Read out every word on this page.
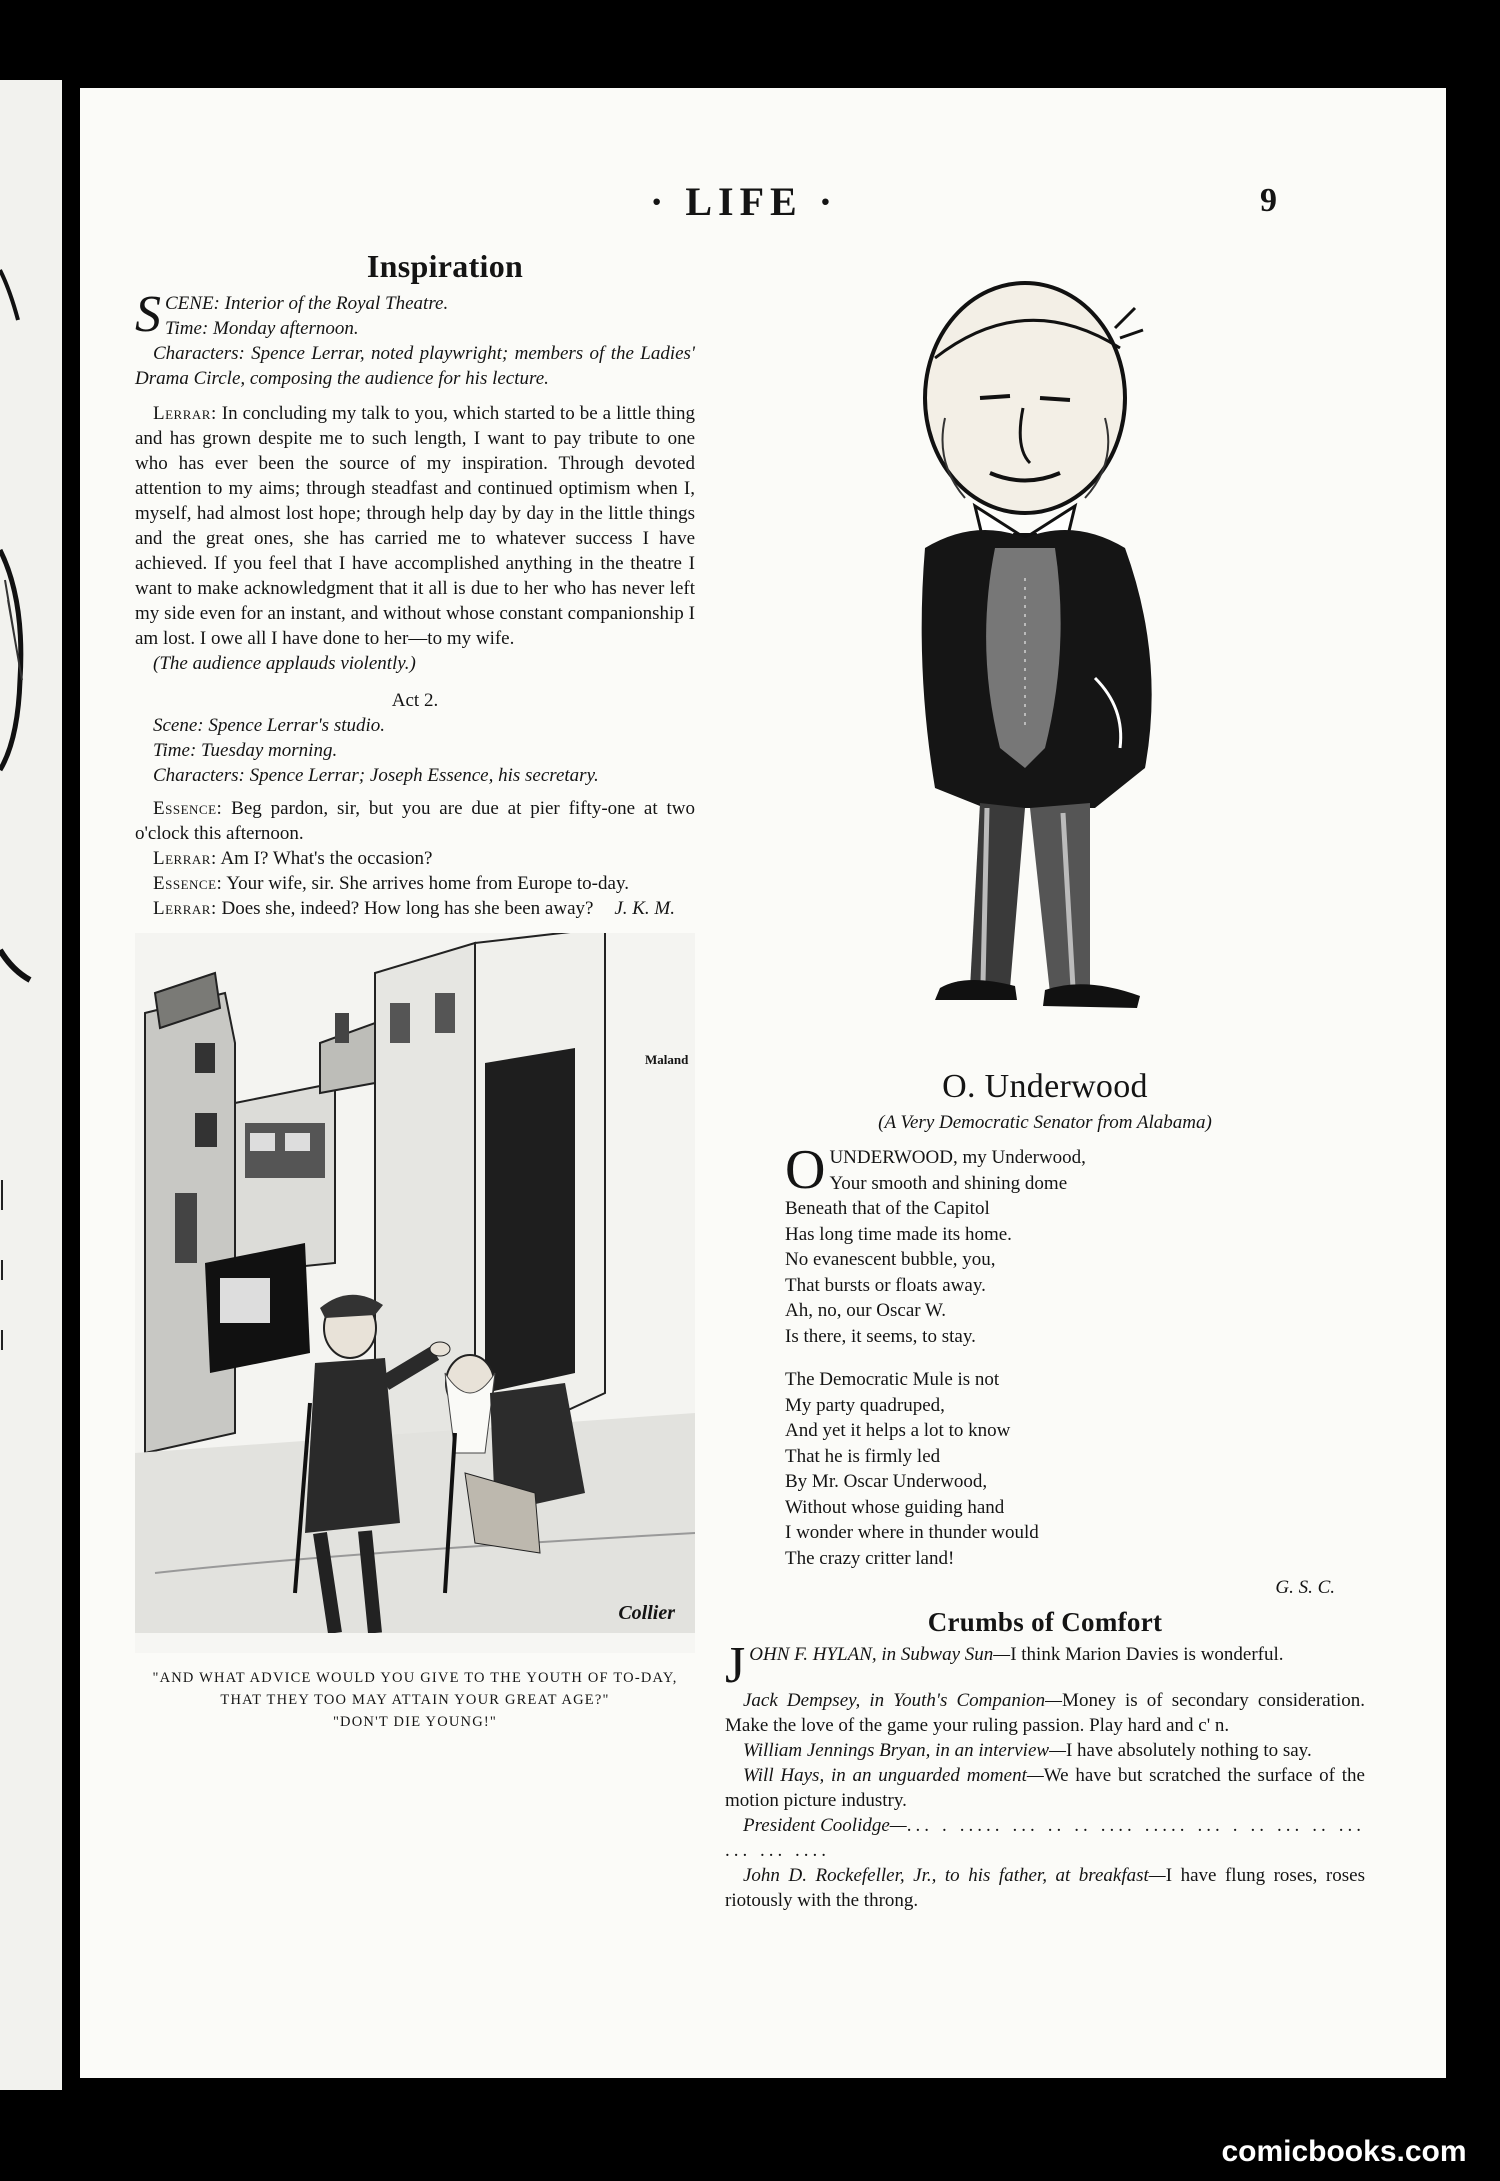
· LIFE ·	9
Inspiration
S CENE: Interior of the Royal Theatre.

Time: Monday afternoon.

Characters: Spence Lerrar, noted playwright; members of the Ladies' Drama Circle, composing the audience for his lecture.

Lerrar: In concluding my talk to you, which started to be a little thing and has grown despite me to such length, I want to pay tribute to one who has ever been the source of my inspiration. Through devoted attention to my aims; through steadfast and continued optimism when I, myself, had almost lost hope; through help day by day in the little things and the great ones, she has carried me to whatever success I have achieved. If you feel that I have accomplished anything in the theatre I want to make acknowledgment that it all is due to her who has never left my side even for an instant, and without whose constant companionship I am lost. I owe all I have done to her—to my wife.

(The audience applauds violently.)

Act 2.

Scene: Spence Lerrar's studio.

Time: Tuesday morning.

Characters: Spence Lerrar; Joseph Essence, his secretary.

Essence: Beg pardon, sir, but you are due at pier fifty-one at two o'clock this afternoon.

Lerrar: Am I? What's the occasion?

Essence: Your wife, sir. She arrives home from Europe to-day.

Lerrar: Does she, indeed? How long has she been away?	J. K. M.

Collier

"AND WHAT ADVICE WOULD YOU GIVE TO THE YOUTH OF TO-DAY, THAT THEY TOO MAY ATTAIN YOUR GREAT AGE?"
"DON'T DIE YOUNG!"

Maland
O. Underwood

(A Very Democratic Senator from Alabama)

O UNDERWOOD, my Underwood,

Your smooth and shining dome

Beneath that of the Capitol

Has long time made its home.

No evanescent bubble, you,

That bursts or floats away.

Ah, no, our Oscar W.

Is there, it seems, to stay.

The Democratic Mule is not

My party quadruped,

And yet it helps a lot to know

That he is firmly led

By Mr. Oscar Underwood,

Without whose guiding hand

I wonder where in thunder would

The crazy critter land!

G. S. C.

Crumbs of Comfort
J OHN F. HYLAN, in Subway Sun—I think Marion Davies is wonderful.

Jack Dempsey, in Youth's Companion—Money is of secondary consideration. Make the love of the game your ruling passion. Play hard and c' n.

William Jennings Bryan, in an interview—I have absolutely nothing to say.

Will Hays, in an unguarded moment—We have but scratched the surface of the motion picture industry.

President Coolidge—... . ..... ... .. .. .... ..... ... . .. ... .. ... ... ... ....

John D. Rockefeller, Jr., to his father, at breakfast—I have flung roses, roses riotously with the throng.

comicbooks.com
